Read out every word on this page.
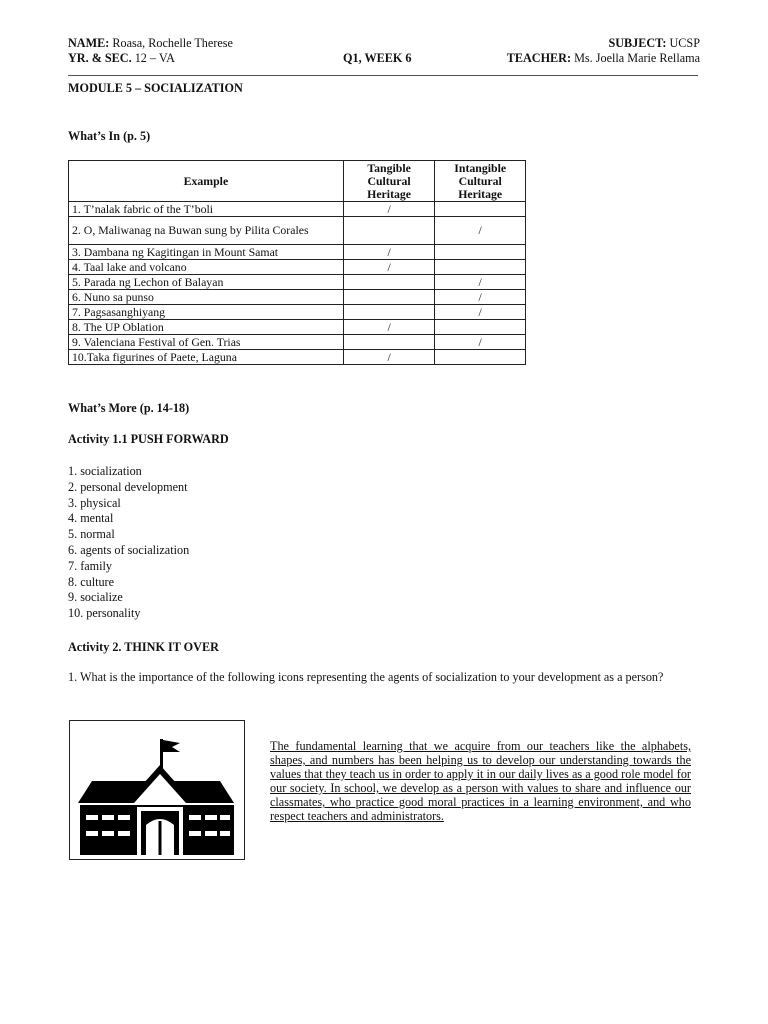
NAME: Roasa, Rochelle Therese	SUBJECT: UCSP
YR. & SEC. 12 – VA	Q1, WEEK 6	TEACHER: Ms. Joella Marie Rellama
MODULE 5 – SOCIALIZATION
What’s In (p. 5)
Example	Tangible Cultural Heritage	Intangible Cultural Heritage
1. T’nalak fabric of the T’boli	/	
2. O, Maliwanag na Buwan sung by Pilita Corales		/
3. Dambana ng Kagitingan in Mount Samat	/	
4. Taal lake and volcano	/	
5. Parada ng Lechon of Balayan		/
6. Nuno sa punso		/
7. Pagsasanghiyang		/
8. The UP Oblation	/	
9. Valenciana Festival of Gen. Trias		/
10.Taka figurines of Paete, Laguna	/	
What’s More (p. 14-18)
Activity 1.1 PUSH FORWARD
1. socialization
2. personal development
3. physical
4. mental
5. normal
6. agents of socialization
7. family
8. culture
9. socialize
10. personality
Activity 2. THINK IT OVER
1. What is the importance of the following icons representing the agents of socialization to your development as a person?
The fundamental learning that we acquire from our teachers like the alphabets, shapes, and numbers has been helping us to develop our understanding towards the values that they teach us in order to apply it in our daily lives as a good role model for our society. In school, we develop as a person with values to share and influence our classmates, who practice good moral practices in a learning environment, and who respect teachers and administrators.
